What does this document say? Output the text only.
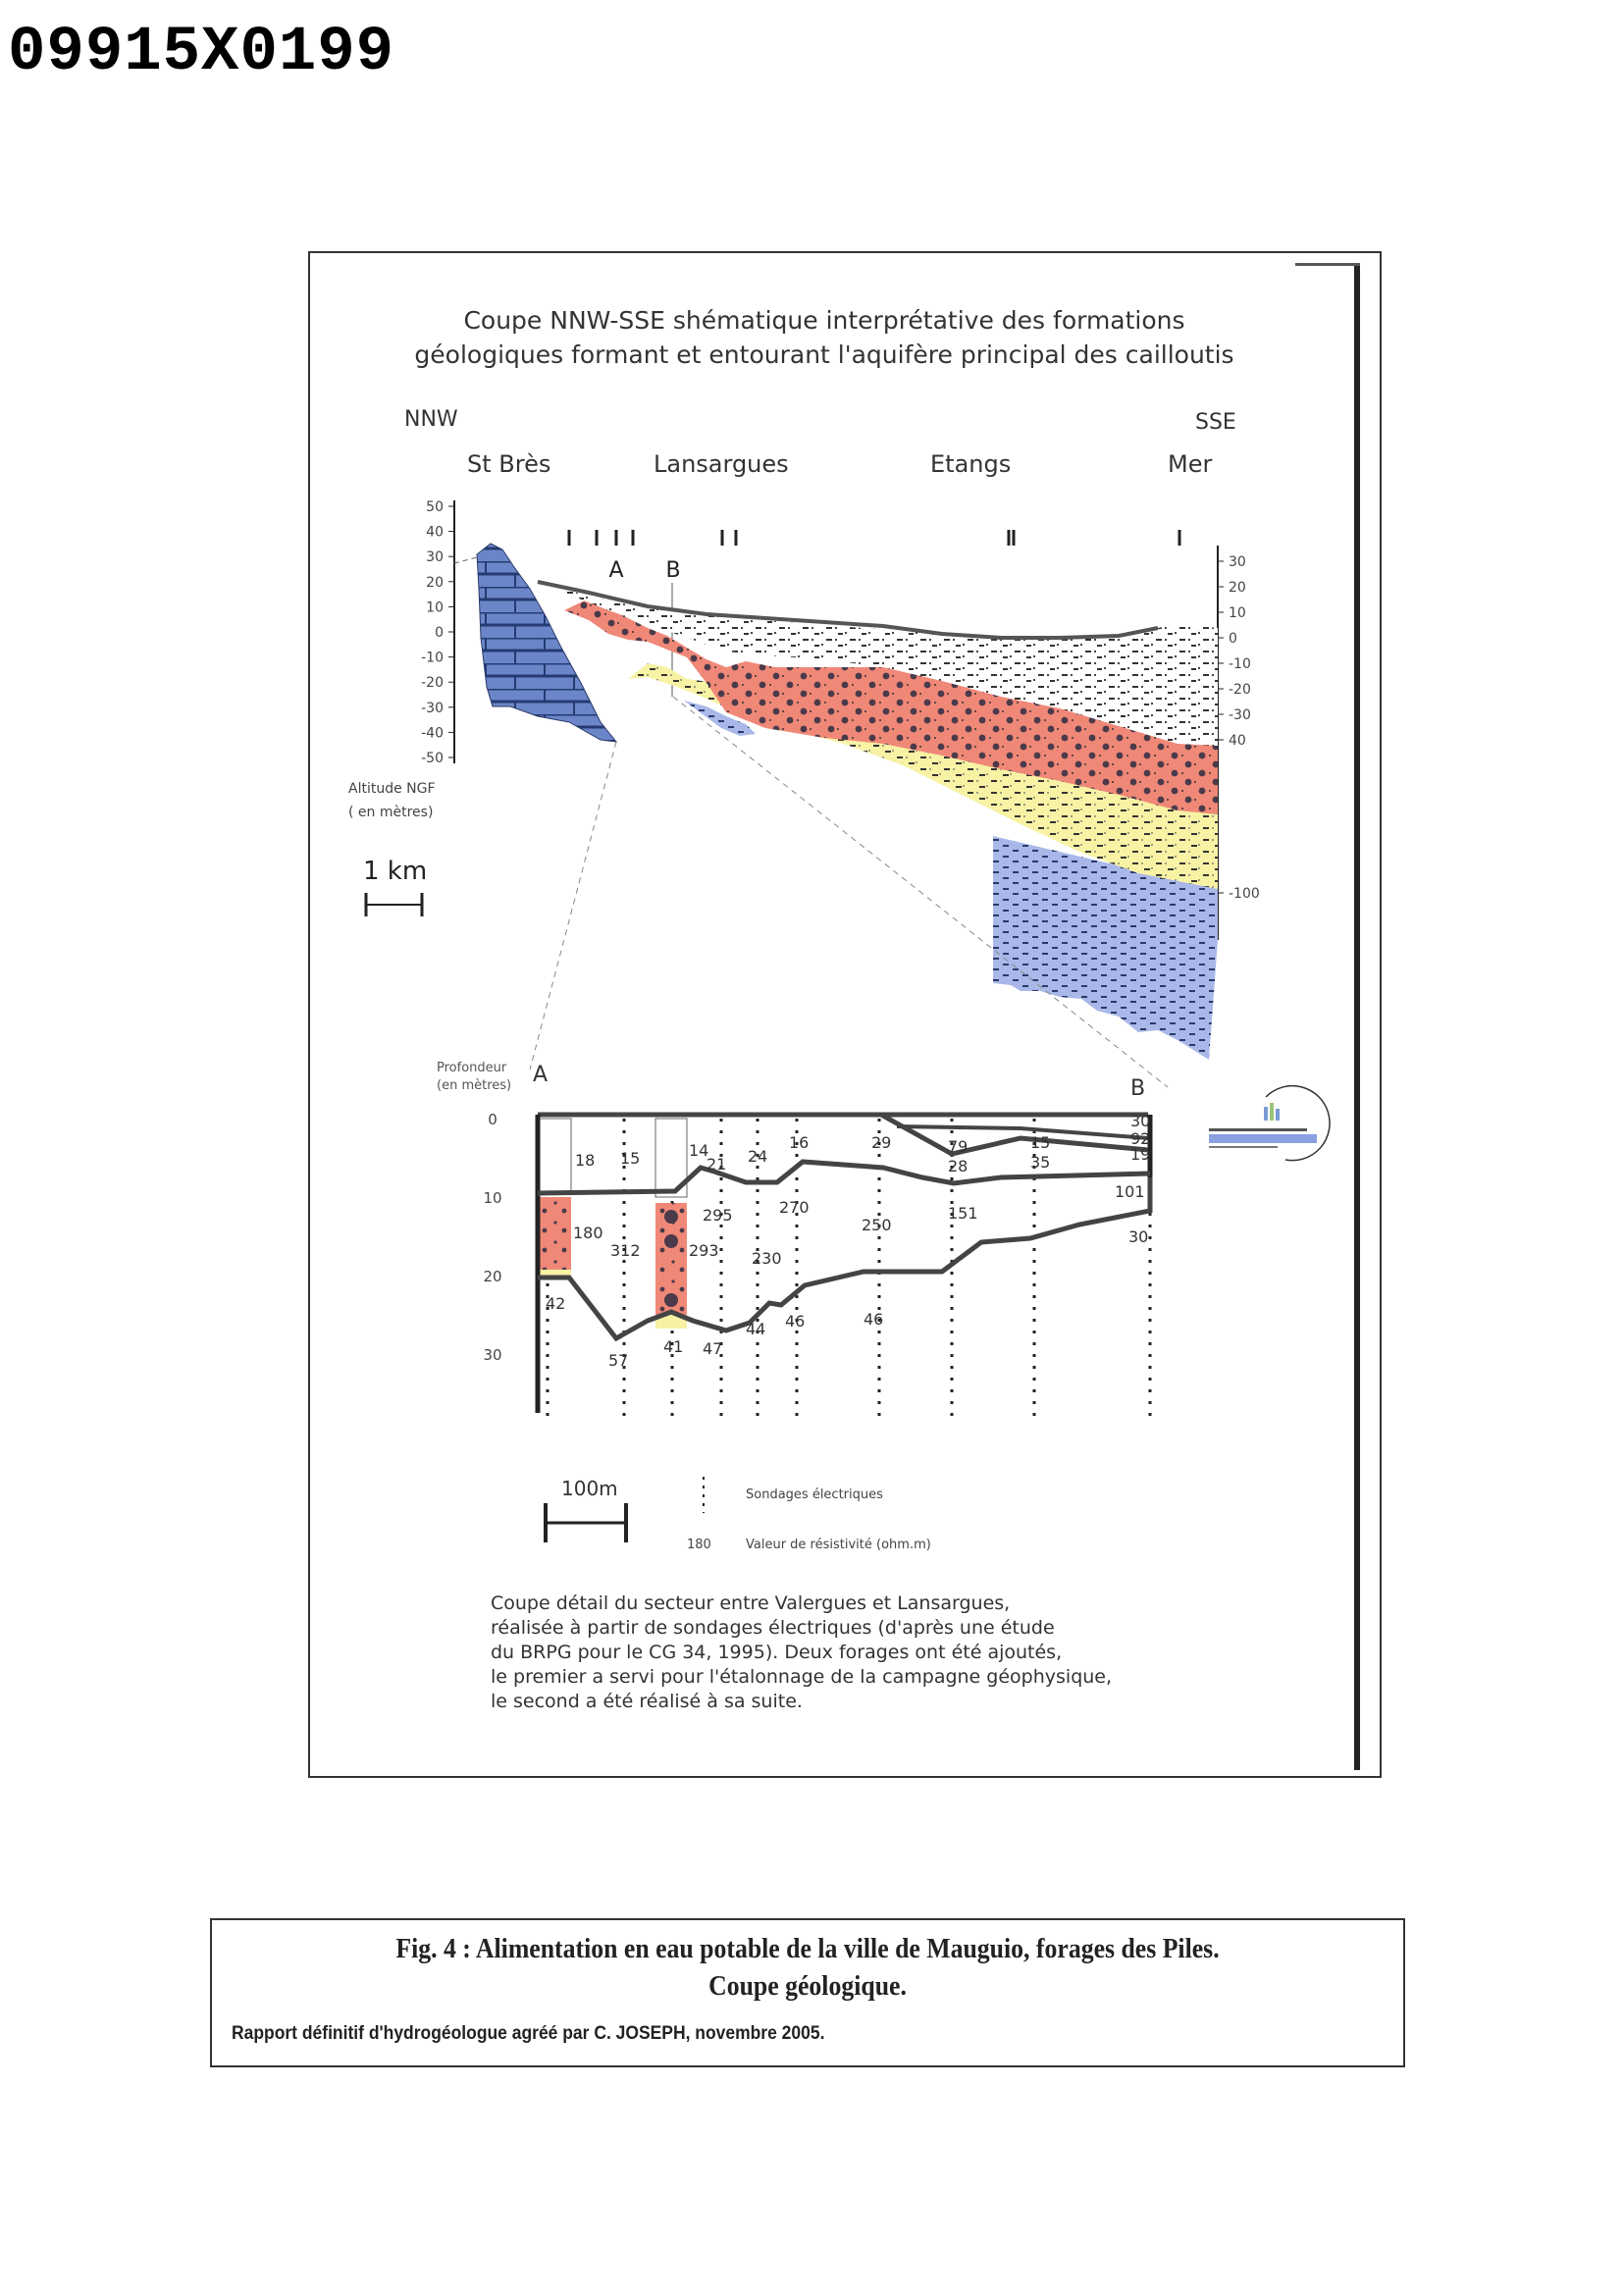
09915X0199
Coupe NNW-SSE shématique interprétative des formations
géologiques formant et entourant l'aquifère principal des cailloutis
NNW	SSE
St Brès	Lansargues	Etangs	Mer
A B
50
40
30
20
10
0
-10
-20
-30
-40
-50
30
20
10
0
-10
-20
-30
40
-100
Altitude NGF
( en mètres)
1 km
Profondeur
(en mètres) A
B
0
10
20
30
18 15	14
21 24
16	29	79
28
15
35
30
92
19
180
312
295
293
270
230
250
151
101
30
42
57
41 47
44 46	46
100m	Sondages électriques
180	Valeur de résistivité (ohm.m)
Coupe détail du secteur entre Valergues et Lansargues,
réalisée à partir de sondages électriques (d'après une étude
du BRPG pour le CG 34, 1995). Deux forages ont été ajoutés,
le premier a servi pour l'étalonnage de la campagne géophysique,
le second a été réalisé à sa suite.
Fig. 4 : Alimentation en eau potable de la ville de Mauguio, forages des Piles.
Coupe géologique.
Rapport définitif d'hydrogéologue agréé par C. JOSEPH, novembre 2005.
